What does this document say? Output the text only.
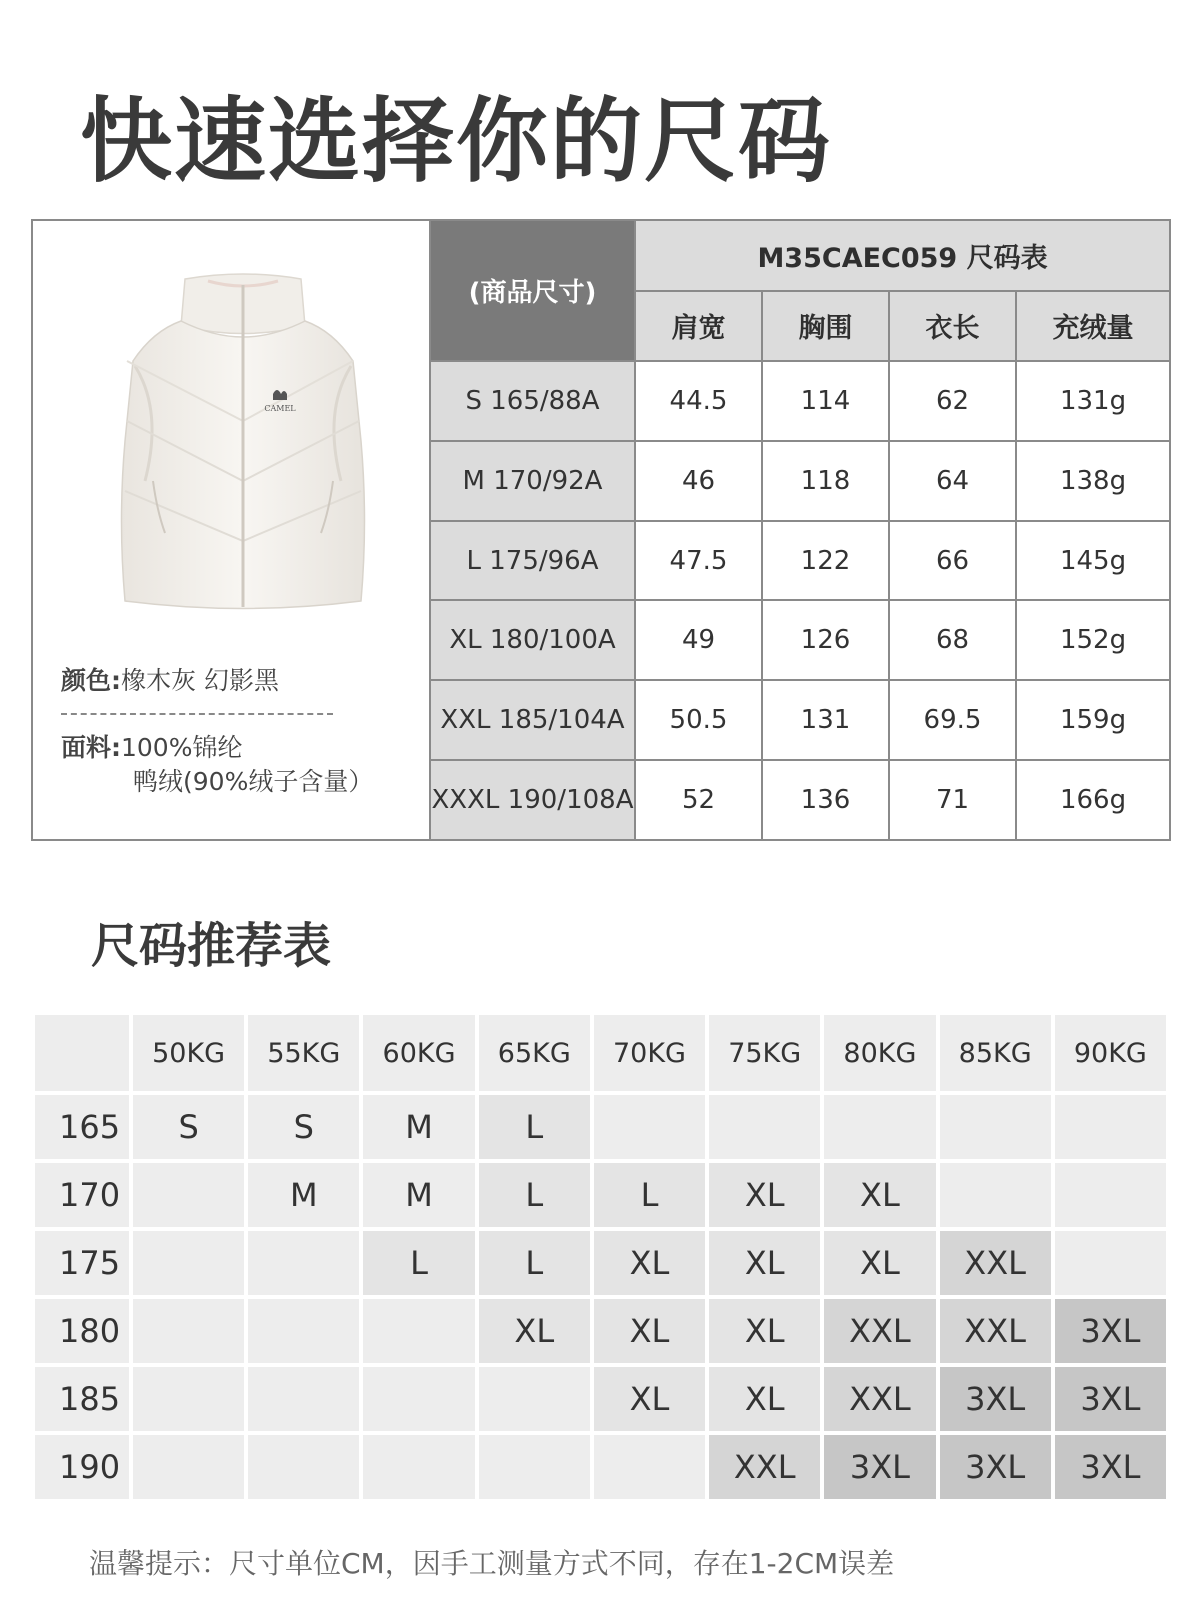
快速选择你的尺码
CAMEL
颜色:橡木灰 幻影黑
面料:100%锦纶
鸭绒(90%绒子含量）
(商品尺寸)	M35CAEC059 尺码表			
	肩宽	胸围	衣长	充绒量
S 165/88A	44.5	114	62	131g
M 170/92A	46	118	64	138g
L 175/96A	47.5	122	66	145g
XL 180/100A	49	126	68	152g
XXL 185/104A	50.5	131	69.5	159g
XXXL 190/108A	52	136	71	166g
尺码推荐表
	50KG	55KG	60KG	65KG	70KG	75KG	80KG	85KG	90KG
165	S	S	M	L					
170		M	M	L	L	XL	XL		
175			L	L	XL	XL	XL	XXL	
180				XL	XL	XL	XXL	XXL	3XL
185					XL	XL	XXL	3XL	3XL
190						XXL	3XL	3XL	3XL
温馨提示：尺寸单位CM，因手工测量方式不同，存在1-2CM误差
